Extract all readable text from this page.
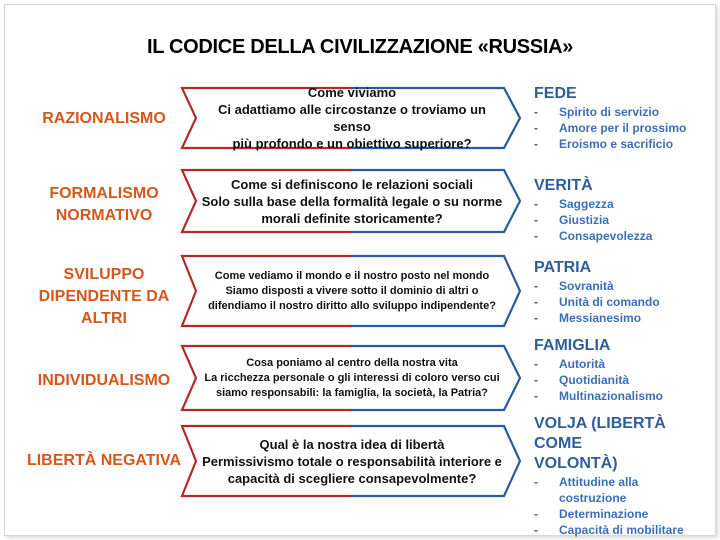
IL CODICE DELLA CIVILIZZAZIONE «RUSSIA»
RAZIONALISMO
Come viviamo
Ci adattiamo alle circostanze o troviamo un senso
più profondo e un obiettivo superiore?
FEDE
- Spirito di servizio
- Amore per il prossimo
- Eroismo e sacrificio
FORMALISMO
NORMATIVO
Come si definiscono le relazioni sociali
Solo sulla base della formalità legale o su norme
morali definite storicamente?
VERITÀ
- Saggezza
- Giustizia
- Consapevolezza
SVILUPPO
DIPENDENTE DA
ALTRI
Come vediamo il mondo e il nostro posto nel mondo
Siamo disposti a vivere sotto il dominio di altri o
difendiamo il nostro diritto allo sviluppo indipendente?
PATRIA
- Sovranità
- Unità di comando
- Messianesimo
INDIVIDUALISMO
Cosa poniamo al centro della nostra vita
La ricchezza personale o gli interessi di coloro verso cui
siamo responsabili: la famiglia, la società, la Patria?
FAMIGLIA
- Autorità
- Quotidianità
- Multinazionalismo
LIBERTÀ NEGATIVA
Qual è la nostra idea di libertà
Permissivismo totale o responsabilità interiore e
capacità di scegliere consapevolmente?
VOLJA (LIBERTÀ COME
VOLONTÀ)
- Attitudine alla
costruzione
- Determinazione
- Capacità di mobilitare
